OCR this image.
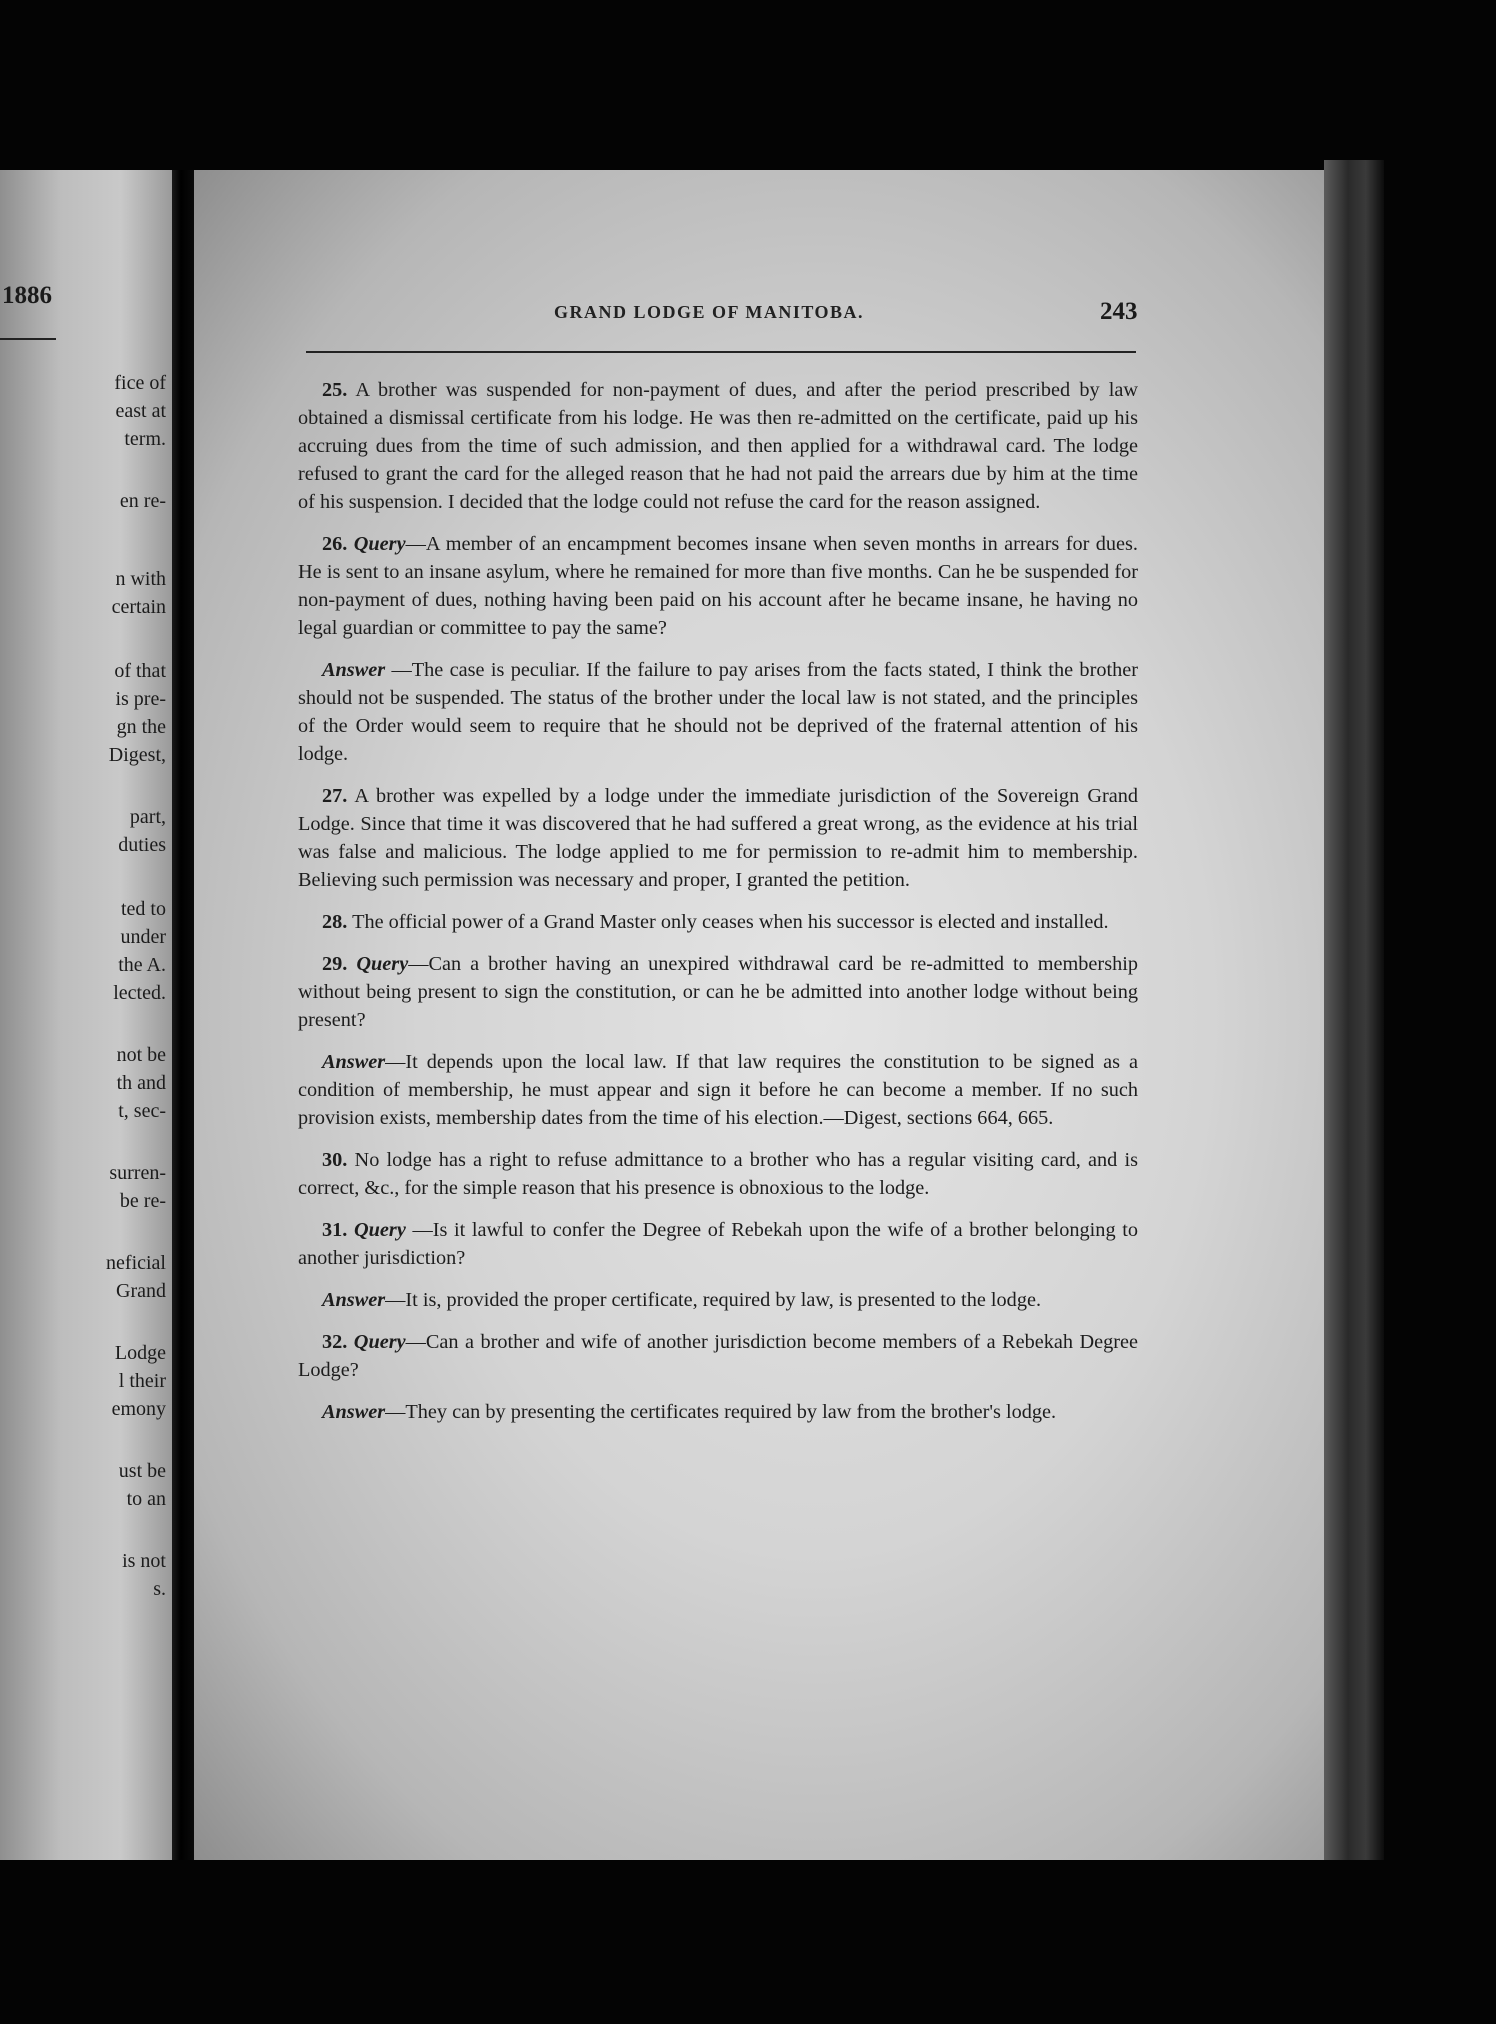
1886
fice of
east at
term.
en re-
n with
certain
of that
is pre-
gn the
Digest,
part,
duties
ted to
under
the A.
lected.
not be
th and
t, sec-
surren-
be re-
neficial
Grand
Lodge
l their
emony
ust be
to an
is not
s.
GRAND LODGE OF MANITOBA.	243

25. A brother was suspended for non-payment of dues, and after the period prescribed by law obtained a dismissal certificate from his lodge. He was then re-admitted on the certificate, paid up his accruing dues from the time of such admission, and then applied for a withdrawal card. The lodge refused to grant the card for the alleged reason that he had not paid the arrears due by him at the time of his suspension. I decided that the lodge could not refuse the card for the reason assigned.

26. Query—A member of an encampment becomes insane when seven months in arrears for dues. He is sent to an insane asylum, where he remained for more than five months. Can he be suspended for non-payment of dues, nothing having been paid on his account after he became insane, he having no legal guardian or committee to pay the same?

Answer —The case is peculiar. If the failure to pay arises from the facts stated, I think the brother should not be suspended. The status of the brother under the local law is not stated, and the principles of the Order would seem to require that he should not be deprived of the fraternal attention of his lodge.

27. A brother was expelled by a lodge under the immediate jurisdiction of the Sovereign Grand Lodge. Since that time it was discovered that he had suffered a great wrong, as the evidence at his trial was false and malicious. The lodge applied to me for permission to re-admit him to membership. Believing such permission was necessary and proper, I granted the petition.

28. The official power of a Grand Master only ceases when his successor is elected and installed.

29. Query—Can a brother having an unexpired withdrawal card be re-admitted to membership without being present to sign the constitution, or can he be admitted into another lodge without being present?

Answer—It depends upon the local law. If that law requires the constitution to be signed as a condition of membership, he must appear and sign it before he can become a member. If no such provision exists, membership dates from the time of his election.—Digest, sections 664, 665.

30. No lodge has a right to refuse admittance to a brother who has a regular visiting card, and is correct, &c., for the simple reason that his presence is obnoxious to the lodge.

31. Query —Is it lawful to confer the Degree of Rebekah upon the wife of a brother belonging to another jurisdiction?

Answer—It is, provided the proper certificate, required by law, is presented to the lodge.

32. Query—Can a brother and wife of another jurisdiction become members of a Rebekah Degree Lodge?

Answer—They can by presenting the certificates required by law from the brother's lodge.
